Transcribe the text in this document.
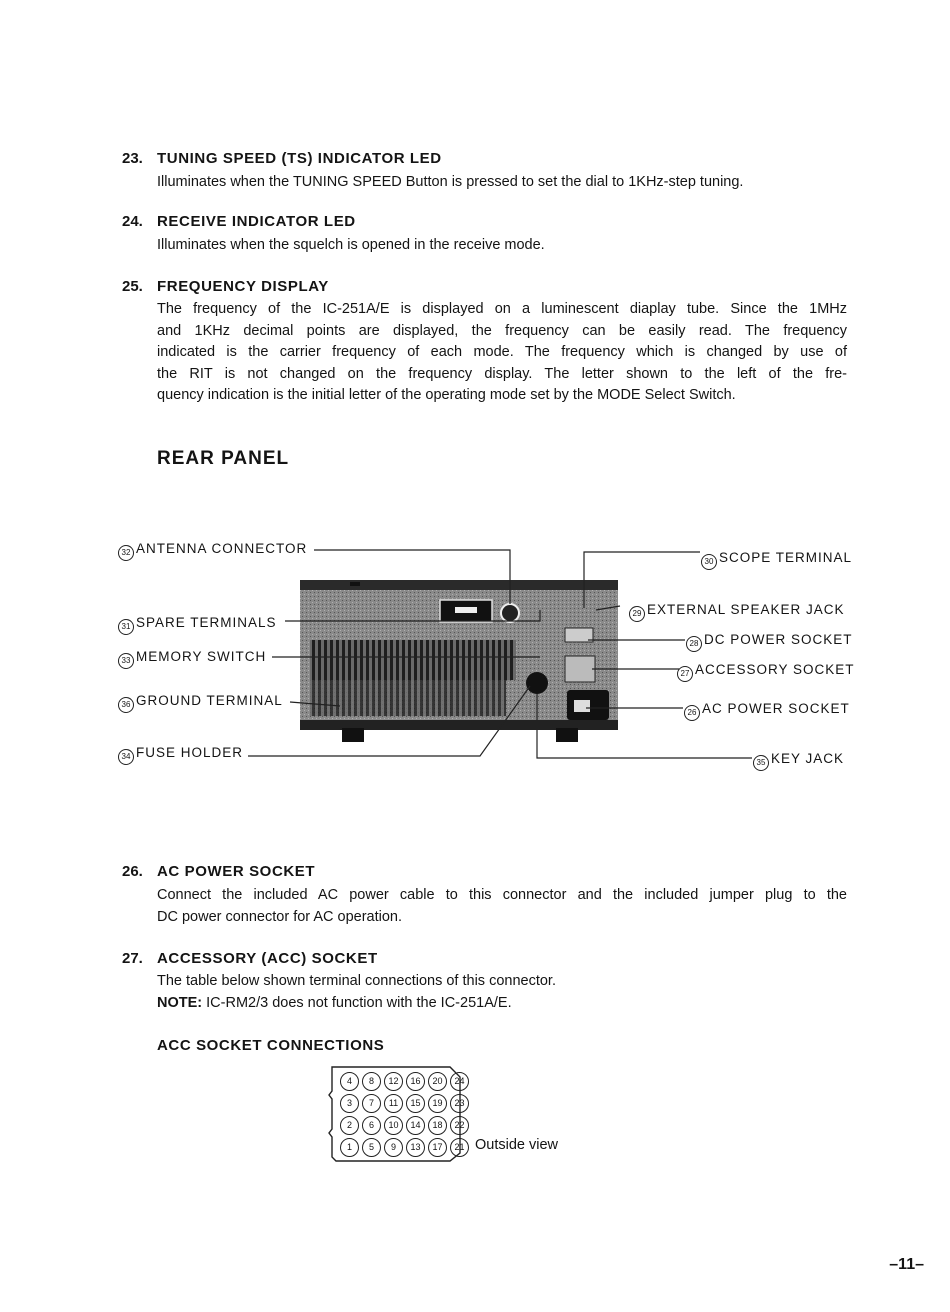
23. TUNING SPEED (TS) INDICATOR LED
Illuminates when the TUNING SPEED Button is pressed to set the dial to 1KHz-step tuning.
24. RECEIVE INDICATOR LED
Illuminates when the squelch is opened in the receive mode.
25. FREQUENCY DISPLAY
The frequency of the IC-251A/E is displayed on a luminescent diaplay tube. Since the 1MHz
and 1KHz decimal points are displayed, the frequency can be easily read. The frequency
indicated is the carrier frequency of each mode. The frequency which is changed by use of
the RIT is not changed on the frequency display. The letter shown to the left of the fre-
quency indication is the initial letter of the operating mode set by the MODE Select Switch.
REAR PANEL
32 ANTENNA CONNECTOR
31 SPARE TERMINALS
33 MEMORY SWITCH
36 GROUND TERMINAL
34 FUSE HOLDER
30 SCOPE TERMINAL
29 EXTERNAL SPEAKER JACK
28 DC POWER SOCKET
27 ACCESSORY SOCKET
26 AC POWER SOCKET
35 KEY JACK
26. AC POWER SOCKET
Connect the included AC power cable to this connector and the included jumper plug to the
DC power connector for AC operation.
27. ACCESSORY (ACC) SOCKET
The table below shown terminal connections of this connector.
NOTE: IC-RM2/3 does not function with the IC-251A/E.
ACC SOCKET CONNECTIONS
4 8 12 16 20 24
3 7 11 15 19 23
2 6 10 14 18 22
1 5 9 13 17 21 Outside view
–11–
